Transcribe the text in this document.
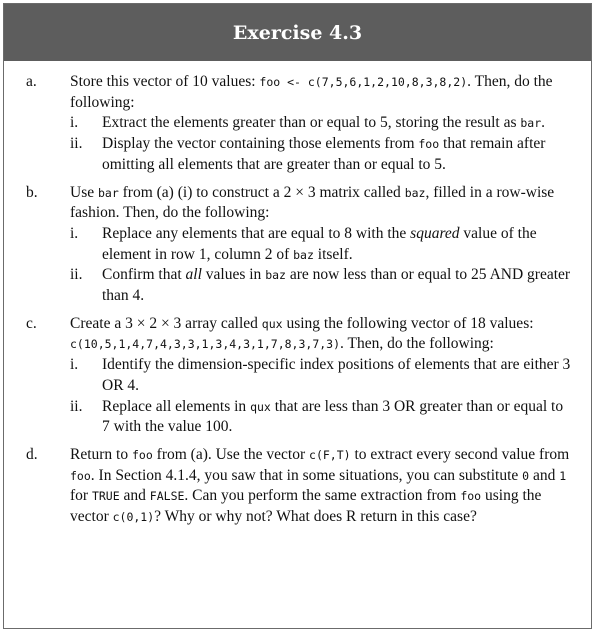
Exercise 4.3
a.	Store this vector of 10 values: foo <- c(7,5,6,1,2,10,8,3,8,2). Then, do the following:
i.	Extract the elements greater than or equal to 5, storing the result as bar.
ii.	Display the vector containing those elements from foo that remain after omitting all elements that are greater than or equal to 5.
b.	Use bar from (a) (i) to construct a 2 × 3 matrix called baz, filled in a row-wise fashion. Then, do the following:
i.	Replace any elements that are equal to 8 with the squared value of the element in row 1, column 2 of baz itself.
ii.	Confirm that all values in baz are now less than or equal to 25 AND greater than 4.
c.	Create a 3 × 2 × 3 array called qux using the following vector of 18 values: c(10,5,1,4,7,4,3,3,1,3,4,3,1,7,8,3,7,3). Then, do the following:
i.	Identify the dimension-specific index positions of elements that are either 3 OR 4.
ii.	Replace all elements in qux that are less than 3 OR greater than or equal to 7 with the value 100.
d.	Return to foo from (a). Use the vector c(F,T) to extract every second value from foo. In Section 4.1.4, you saw that in some situations, you can substitute 0 and 1 for TRUE and FALSE. Can you perform the same extraction from foo using the vector c(0,1)? Why or why not? What does R return in this case?
